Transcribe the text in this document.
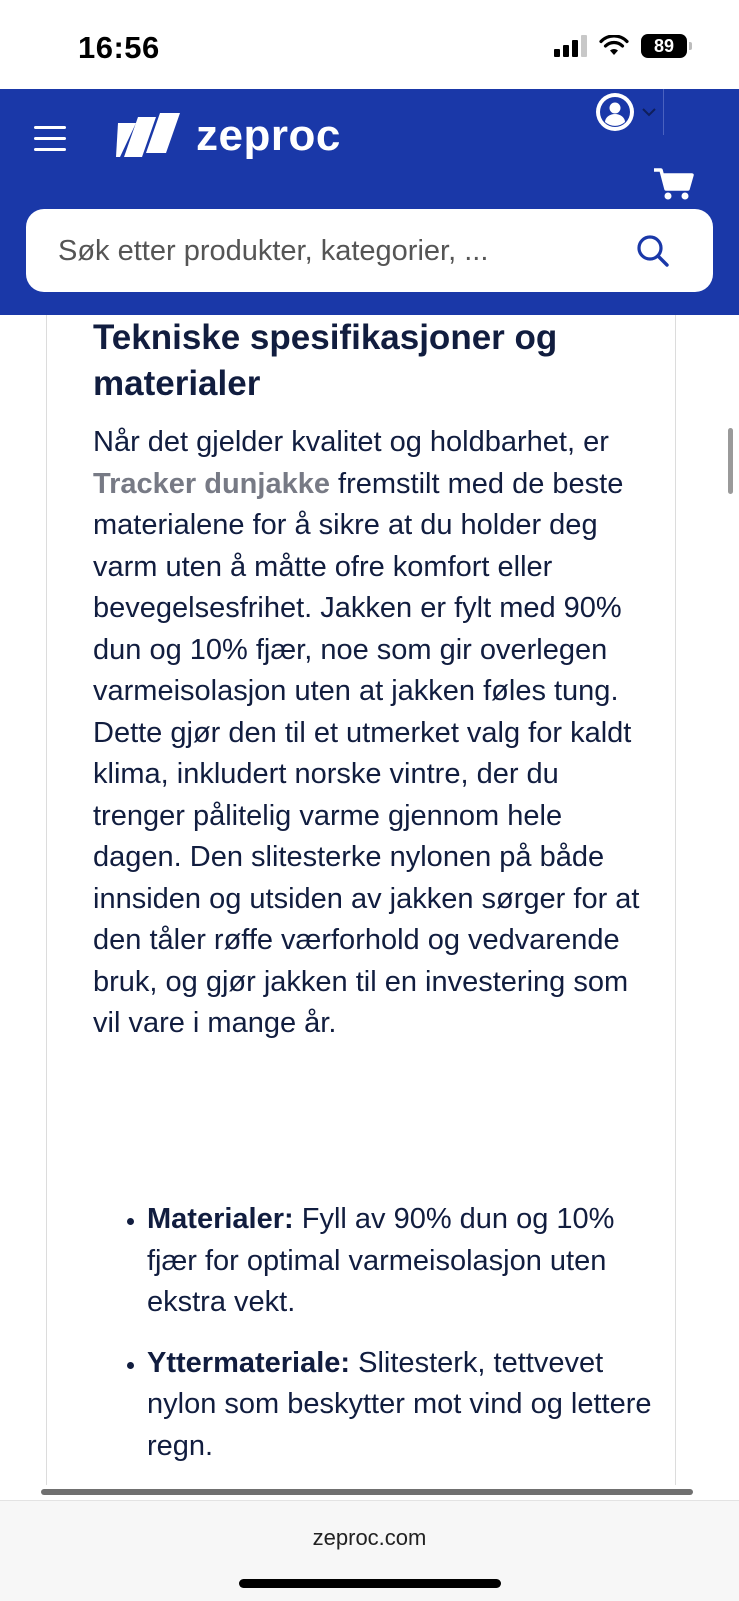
16:56	89
zeproc
Søk etter produkter, kategorier, ...
Tekniske spesifikasjoner og materialer

Når det gjelder kvalitet og holdbarhet, er Tracker dunjakke fremstilt med de beste materialene for å sikre at du holder deg varm uten å måtte ofre komfort eller bevegelsesfrihet. Jakken er fylt med 90% dun og 10% fjær, noe som gir overlegen varmeisolasjon uten at jakken føles tung. Dette gjør den til et utmerket valg for kaldt klima, inkludert norske vintre, der du trenger pålitelig varme gjennom hele dagen. Den slitesterke nylonen på både innsiden og utsiden av jakken sørger for at den tåler røffe værforhold og vedvarende bruk, og gjør jakken til en investering som vil vare i mange år.

• Materialer: Fyll av 90% dun og 10% fjær for optimal varmeisolasjon uten ekstra vekt.
• Yttermateriale: Slitesterk, tettvevet nylon som beskytter mot vind og lettere regn.
zeproc.com
